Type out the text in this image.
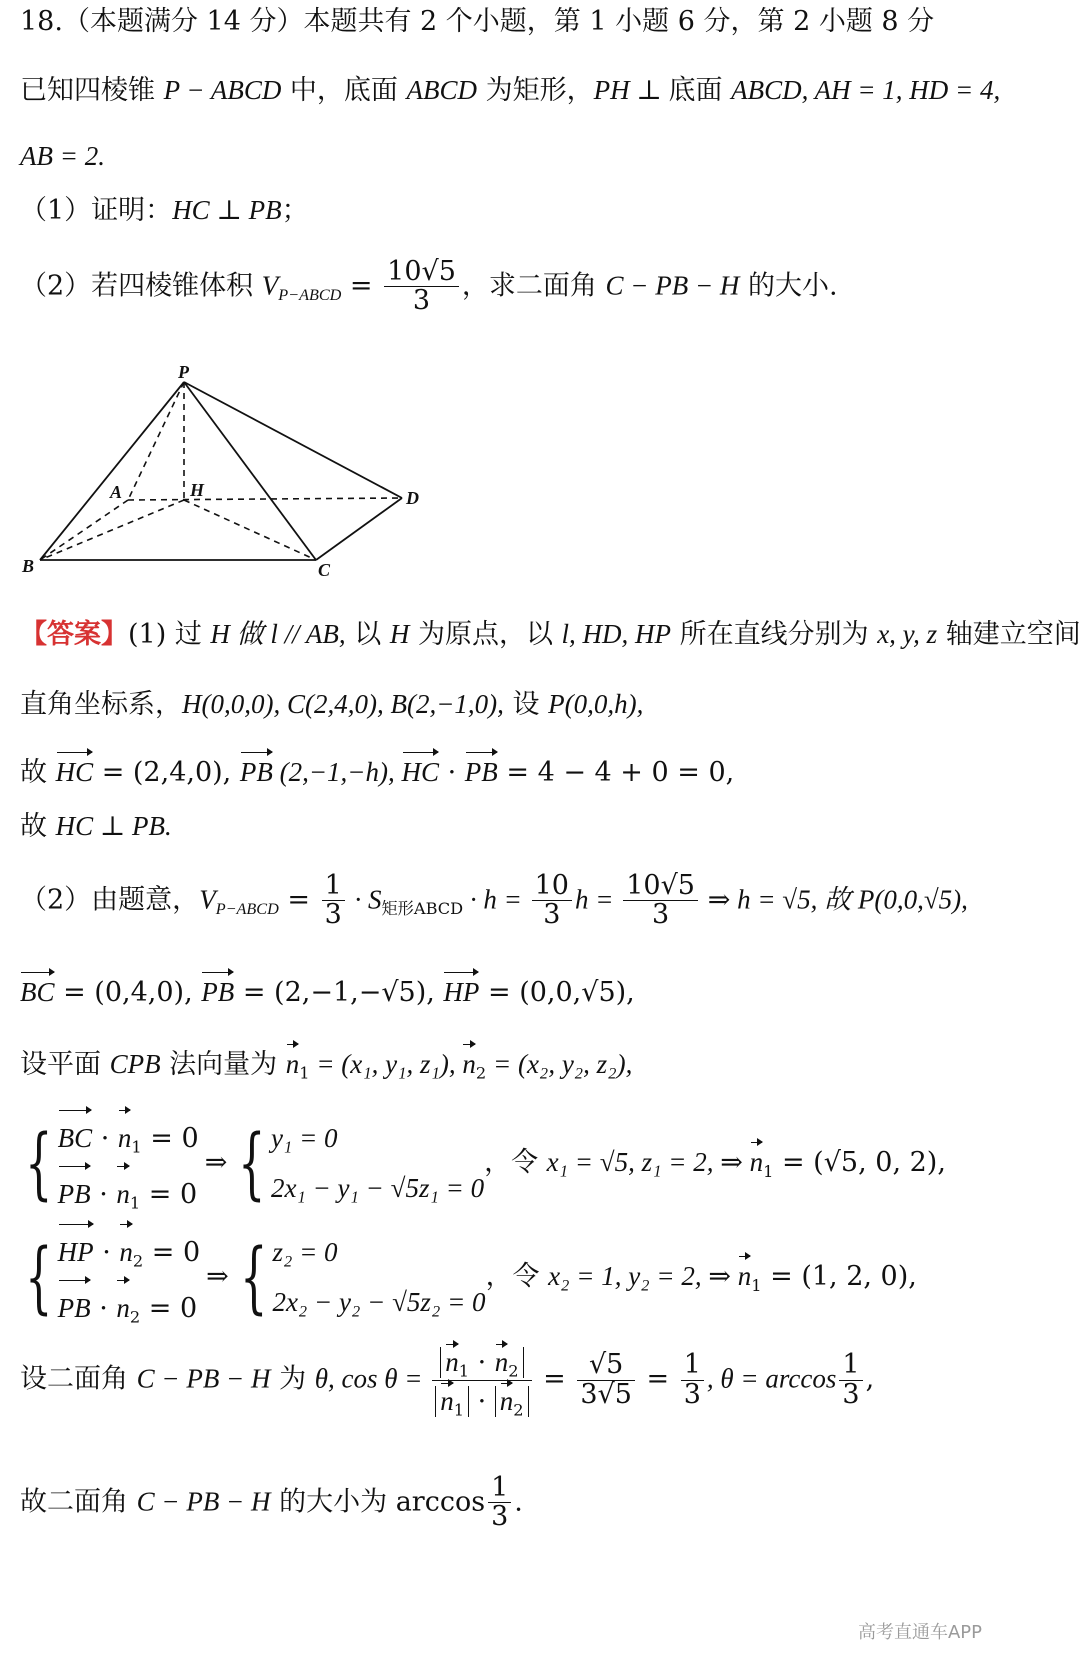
18.（本题满分 14 分）本题共有 2 个小题，第 1 小题 6 分，第 2 小题 8 分
已知四棱锥 P − ABCD 中，底面 ABCD 为矩形，PH ⊥ 底面 ABCD, AH = 1, HD = 4,
AB = 2.
（1）证明：HC ⊥ PB；
（2）若四棱锥体积 $V_{P-ABCD} = \frac{10√5}{3}$ ，求二面角 C − PB − H 的大小.
P
A	H	D
B	C
【答案】(1) 过 H 做 l // AB, 以 H 为原点，以 l, HD, HP 所在直线分别为 x, y, z 轴建立空间
直角坐标系，H(0,0,0), C(2,4,0), B(2,−1,0), 设 P(0,0,h),
故 HC = (2,4,0), PB (2,−1,−h), HC · PB = 4 − 4 + 0 = 0,
故 HC ⊥ PB.
（2）由题意，$V_{P-ABCD} = \frac{1}{3} \cdot S_{矩形ABCD} \cdot h = \frac{10}{3}$ $h = \frac{10√5}{3}$ ⇒ h = √5, 故 P(0,0,√5),
BC = (0,4,0), PB = (2,−1,−√5), HP = (0,0,√5),
设平面 CPB 法向量为 $n_1 = (x_1$, y₁, z₁), $n_2 = (x_2$, y₂, z₂),
{ BC · $n_1 = 0$
PB · $n_1$ = 0⇒ { y₁ = 0
2x₁ − y₁ − √5z₁ = 0，令 x₁ = √5, z₁ = 2, ⇒ $n_1 = (√5$, 0, 2),
{ HP · $n_2 = 0$
PB · $n_2$ = 0⇒ { z₂ = 0
2x₂ − y₂ − √5z₂ = 0，令 x₂ = 1, y₂ = 2, ⇒ $n_1 = (1$, 2, 0),
设二面角 C − PB − H 为 θ, $\cos \theta = \frac{n_1 \cdot n_2}{n_1 \cdot n_2} = \frac{√5}{3√5} = \frac{1}{3}$ , $\theta = \arccos \frac{1}{3}$ ,
故二面角 C − PB − H 的大小为 $\arccos \frac{1}{3}$ .
高考直通车APP
